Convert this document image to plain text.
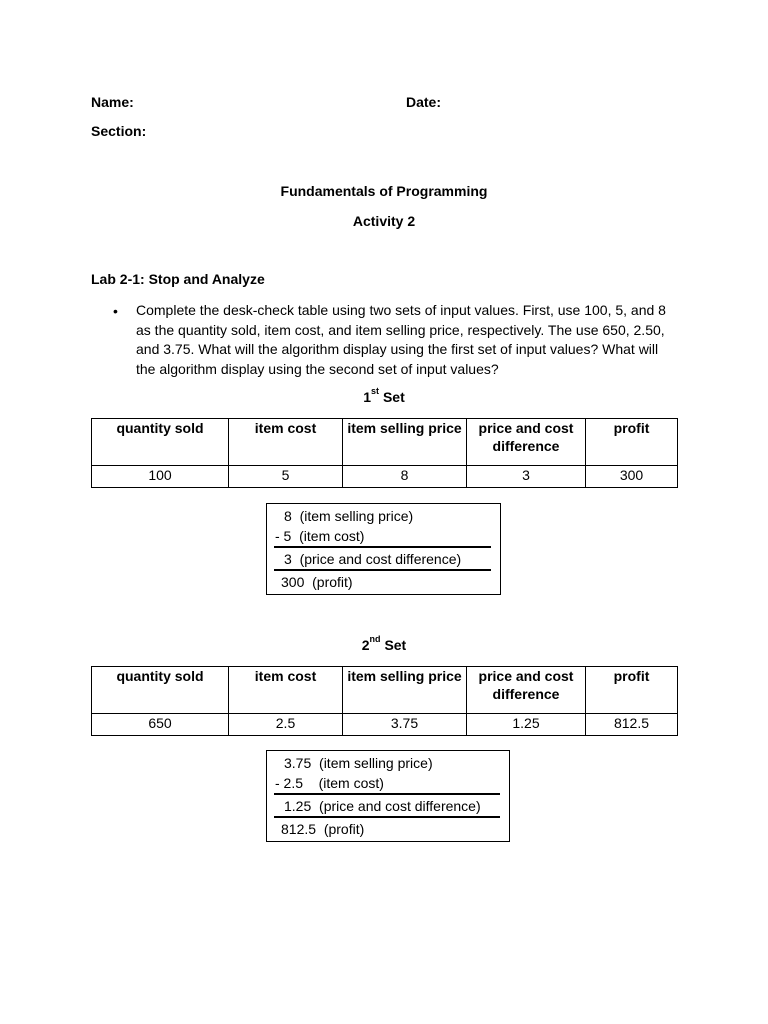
Name:	Date:
Section:
Fundamentals of Programming
Activity 2
Lab 2-1: Stop and Analyze
• Complete the desk-check table using two sets of input values. First, use 100, 5, and 8 as the quantity sold, item cost, and item selling price, respectively. The use 650, 2.50, and 3.75. What will the algorithm display using the first set of input values? What will the algorithm display using the second set of input values?
1st Set
quantity sold	item cost	item selling price	price and cost difference	profit
100	5	8	3	300
8  (item selling price)
- 5  (item cost)
3  (price and cost difference)
300  (profit)
2nd Set
quantity sold	item cost	item selling price	price and cost difference	profit
650	2.5	3.75	1.25	812.5
3.75  (item selling price)
- 2.5    (item cost)
1.25  (price and cost difference)
812.5  (profit)
